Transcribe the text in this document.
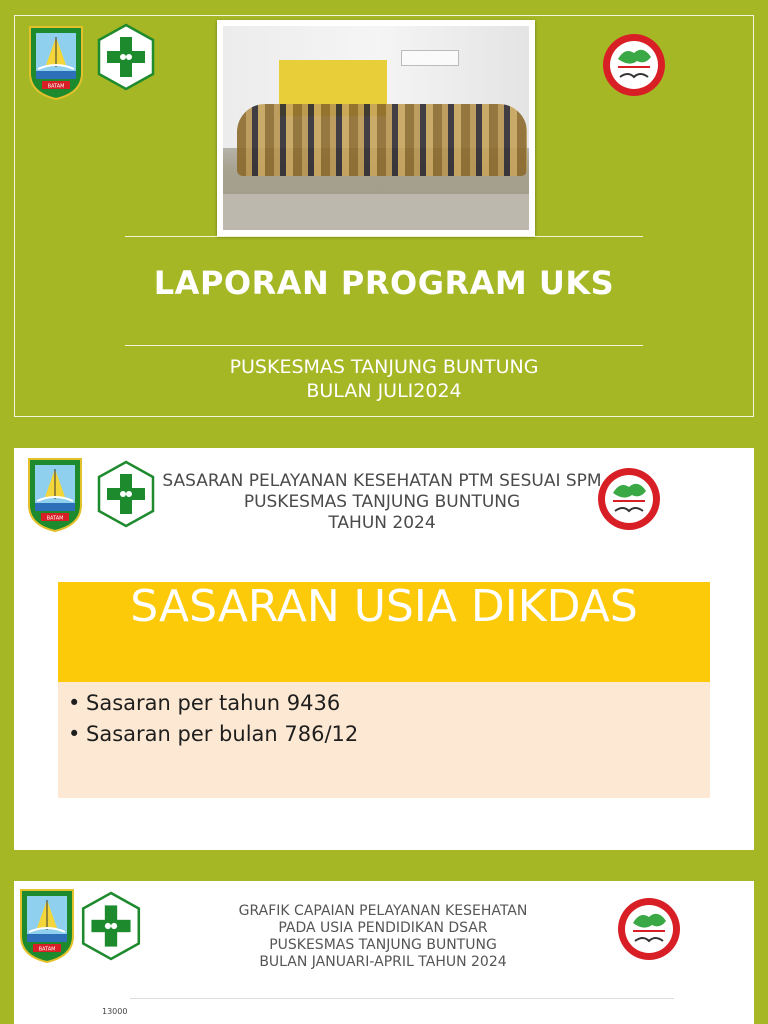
BATAM
LAPORAN PROGRAM UKS
PUSKESMAS TANJUNG BUNTUNG
BULAN JULI2024
SASARAN PELAYANAN KESEHATAN PTM SESUAI SPM
PUSKESMAS TANJUNG BUNTUNG
TAHUN 2024
BATAM
SASARAN USIA DIKDAS
• Sasaran per tahun 9436
• Sasaran per bulan 786/12
BATAM
GRAFIK CAPAIAN PELAYANAN KESEHATAN
PADA USIA PENDIDIKAN DSAR
PUSKESMAS TANJUNG BUNTUNG
BULAN JANUARI-APRIL TAHUN 2024
13000
